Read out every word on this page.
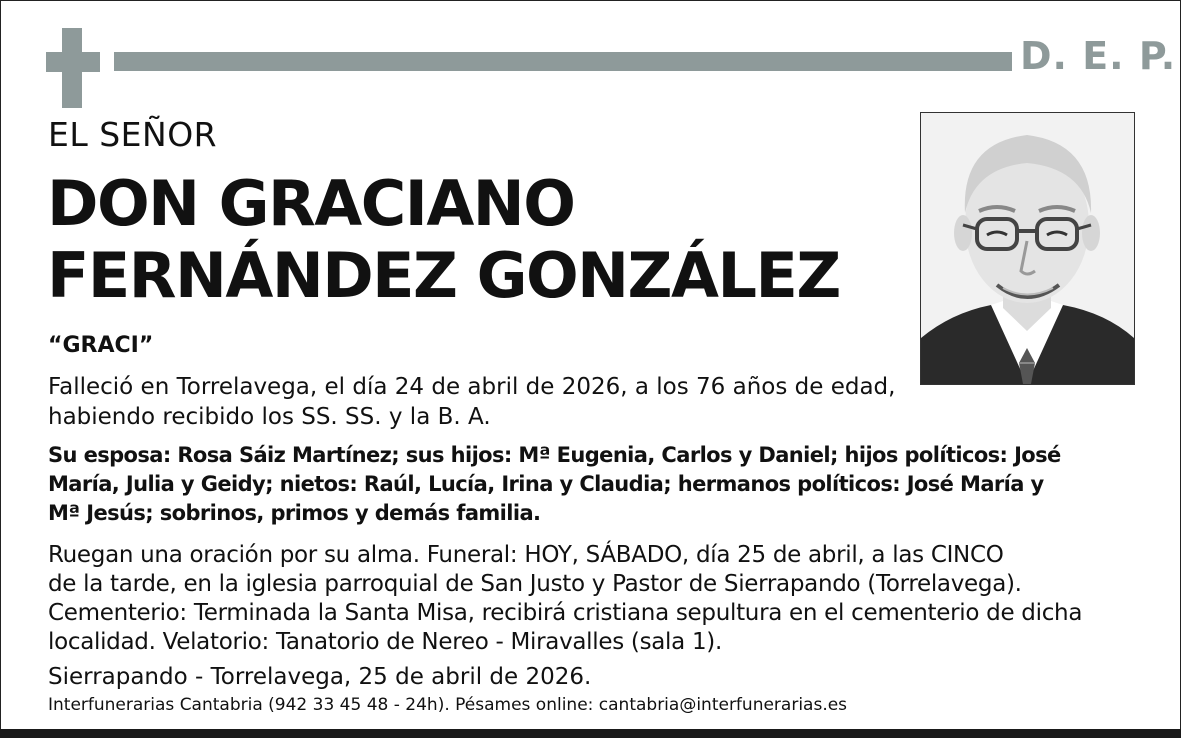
D. E. P.
EL SEÑOR
DON GRACIANO
FERNÁNDEZ GONZÁLEZ
“GRACI”
Falleció en Torrelavega, el día 24 de abril de 2026, a los 76 años de edad,
habiendo recibido los SS. SS. y la B. A.
Su esposa: Rosa Sáiz Martínez; sus hijos: Mª Eugenia, Carlos y Daniel; hijos políticos: José
María, Julia y Geidy; nietos: Raúl, Lucía, Irina y Claudia; hermanos políticos: José María y
Mª Jesús; sobrinos, primos y demás familia.
Ruegan una oración por su alma. Funeral: HOY, SÁBADO, día 25 de abril, a las CINCO
de la tarde, en la iglesia parroquial de San Justo y Pastor de Sierrapando (Torrelavega).
Cementerio: Terminada la Santa Misa, recibirá cristiana sepultura en el cementerio de dicha
localidad. Velatorio: Tanatorio de Nereo - Miravalles (sala 1).
Sierrapando - Torrelavega, 25 de abril de 2026.
Interfunerarias Cantabria (942 33 45 48 - 24h). Pésames online: cantabria@interfunerarias.es
